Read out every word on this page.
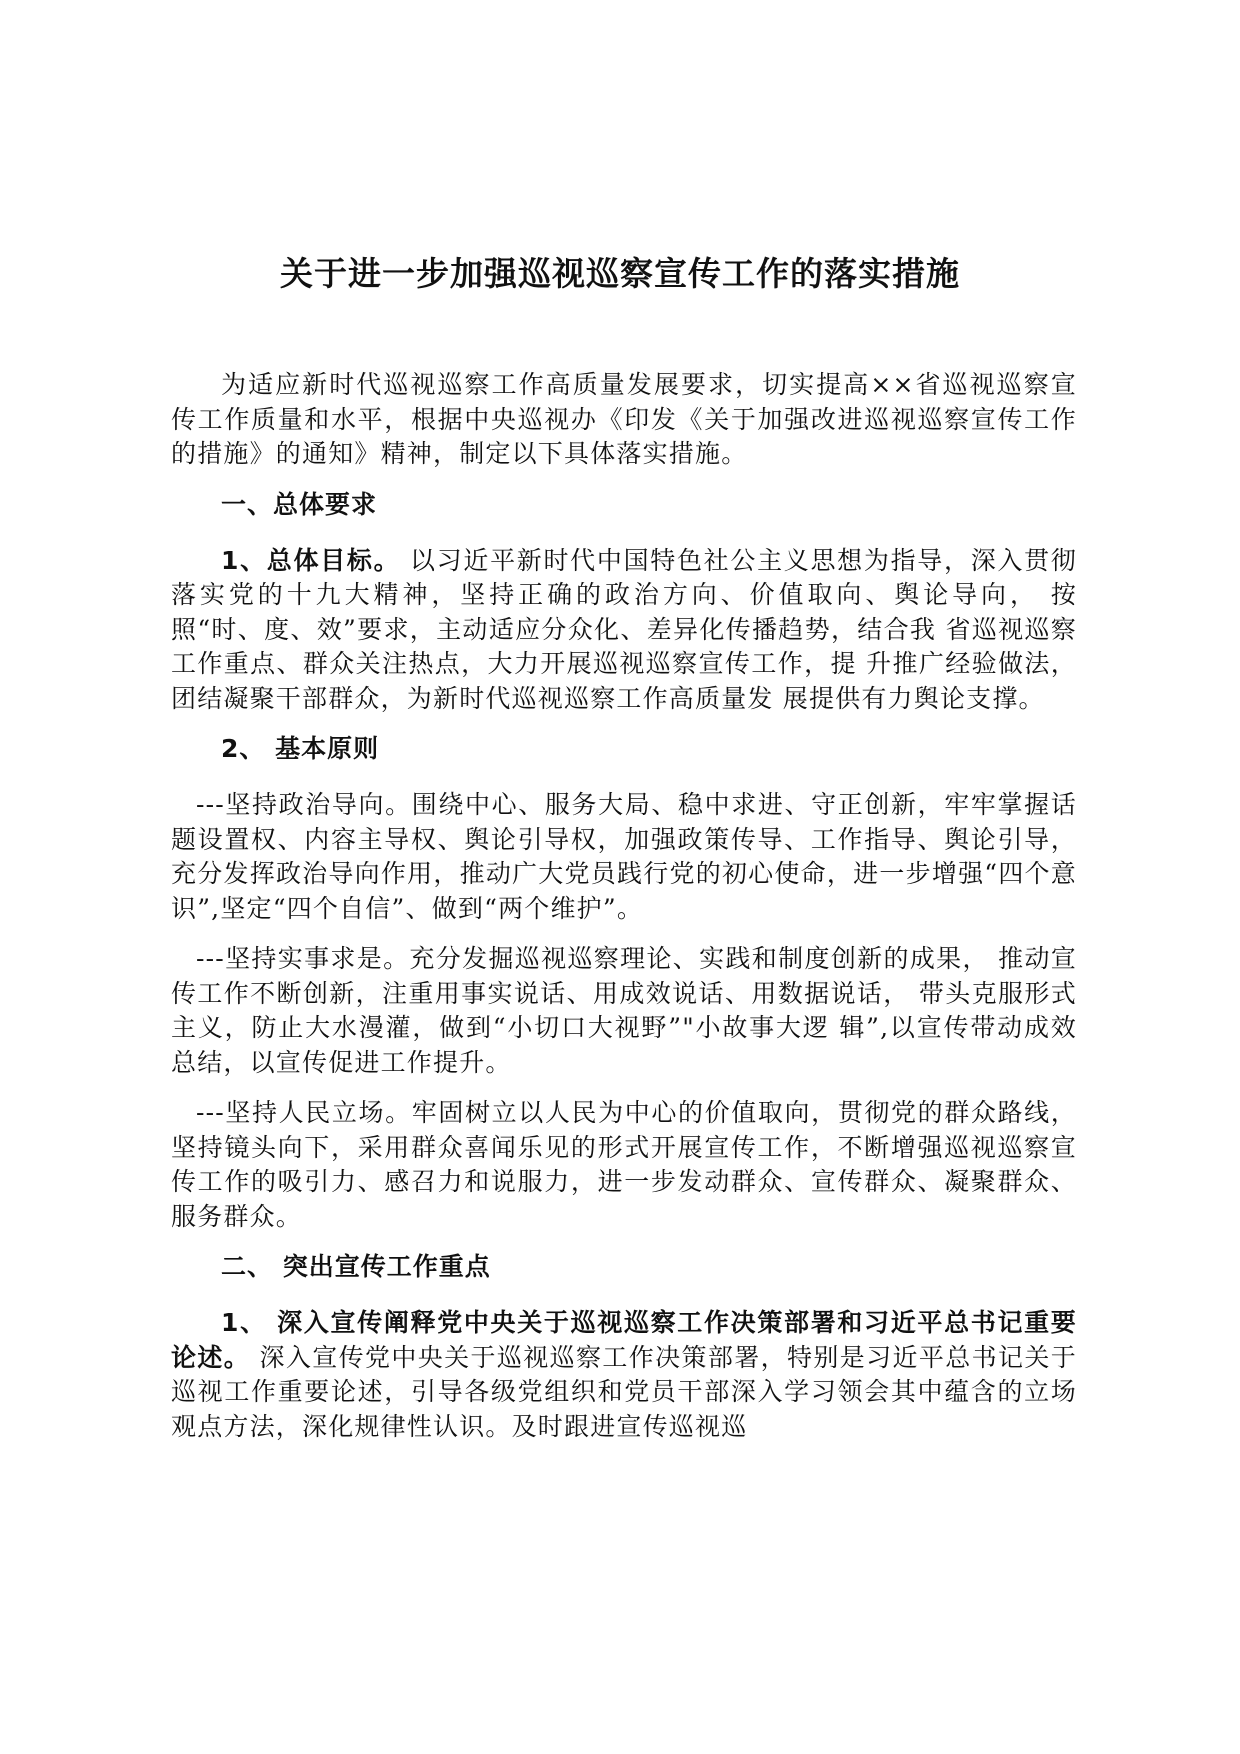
关于进一步加强巡视巡察宣传工作的落实措施

为适应新时代巡视巡察工作高质量发展要求，切实提高××省巡视巡察宣传工作质量和水平，根据中央巡视办《印发《关于加强改进巡视巡察宣传工作的措施》的通知》精神，制定以下具体落实措施。

一、总体要求

1、总体目标。 以习近平新时代中国特色社公主义思想为指导，深入贯彻落实党的十九大精神，坚持正确的政治方向、价值取向、舆论导向， 按照“时、度、效”要求，主动适应分众化、差异化传播趋势，结合我 省巡视巡察工作重点、群众关注热点，大力开展巡视巡察宣传工作，提 升推广经验做法，团结凝聚干部群众，为新时代巡视巡察工作高质量发 展提供有力舆论支撑。

2、 基本原则

---坚持政治导向。围绕中心、服务大局、稳中求进、守正创新，牢牢掌握话题设置权、内容主导权、舆论引导权，加强政策传导、工作指导、舆论引导，充分发挥政治导向作用，推动广大党员践行党的初心使命，进一步增强“四个意识”,坚定“四个自信”、做到“两个维护”。

---坚持实事求是。充分发掘巡视巡察理论、实践和制度创新的成果， 推动宣传工作不断创新，注重用事实说话、用成效说话、用数据说话， 带头克服形式主义，防止大水漫灌，做到“小切口大视野”"小故事大逻 辑”,以宣传带动成效总结，以宣传促进工作提升。

---坚持人民立场。牢固树立以人民为中心的价值取向，贯彻党的群众路线，坚持镜头向下，采用群众喜闻乐见的形式开展宣传工作，不断增强巡视巡察宣传工作的吸引力、感召力和说服力，进一步发动群众、宣传群众、凝聚群众、服务群众。

二、 突出宣传工作重点

1、 深入宣传阐释党中央关于巡视巡察工作决策部署和习近平总书记重要论述。 深入宣传党中央关于巡视巡察工作决策部署，特别是习近平总书记关于巡视工作重要论述，引导各级党组织和党员干部深入学习领会其中蕴含的立场观点方法，深化规律性认识。及时跟进宣传巡视巡
